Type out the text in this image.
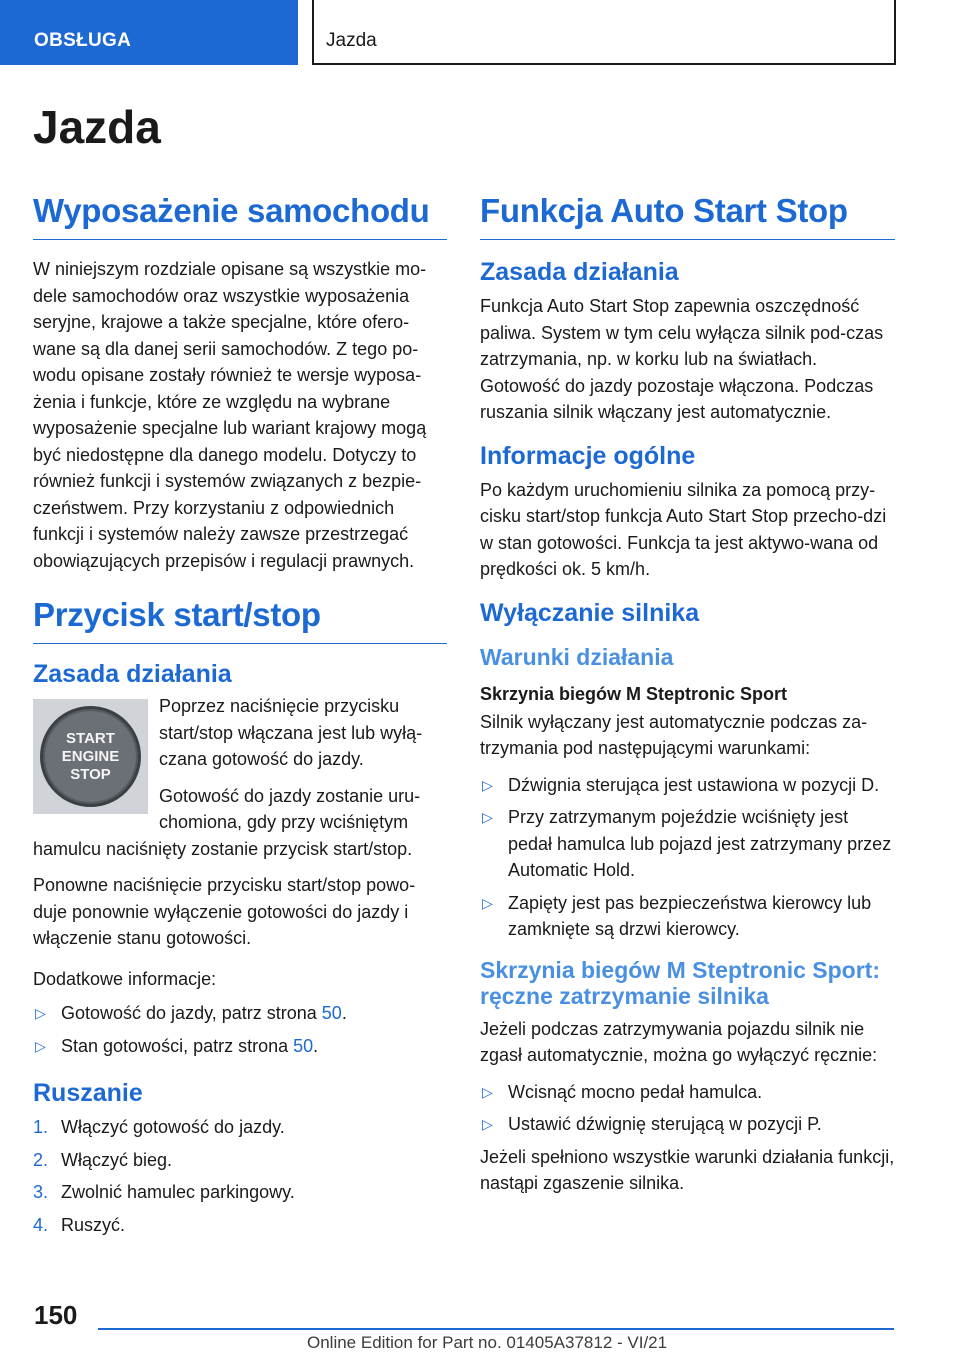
OBSŁUGA	Jazda
Jazda
Wyposażenie samochodu

W niniejszym rozdziale opisane są wszystkie mo-dele samochodów oraz wszystkie wyposażenia seryjne, krajowe a także specjalne, które ofero-wane są dla danej serii samochodów. Z tego po-wodu opisane zostały również te wersje wyposa-żenia i funkcje, które ze względu na wybrane wyposażenie specjalne lub wariant krajowy mogą być niedostępne dla danego modelu. Dotyczy to również funkcji i systemów związanych z bezpie-czeństwem. Przy korzystaniu z odpowiednich funkcji i systemów należy zawsze przestrzegać obowiązujących przepisów i regulacji prawnych.

Przycisk start/stop
Zasada działania
START
ENGINE
STOP

Poprzez naciśnięcie przycisku start/stop włączana jest lub wyłą-czana gotowość do jazdy.

Gotowość do jazdy zostanie uru-chomiona, gdy przy wciśniętym hamulcu naciśnięty zostanie przycisk start/stop.

Ponowne naciśnięcie przycisku start/stop powo-duje ponownie wyłączenie gotowości do jazdy i włączenie stanu gotowości.

Dodatkowe informacje:

▷ Gotowość do jazdy, patrz strona 50.
▷ Stan gotowości, patrz strona 50.
Ruszanie
1. Włączyć gotowość do jazdy.
2. Włączyć bieg.
3. Zwolnić hamulec parkingowy.
4. Ruszyć.
Funkcja Auto Start Stop
Zasada działania

Funkcja Auto Start Stop zapewnia oszczędność paliwa. System w tym celu wyłącza silnik pod-czas zatrzymania, np. w korku lub na światłach. Gotowość do jazdy pozostaje włączona. Podczas ruszania silnik włączany jest automatycznie.

Informacje ogólne

Po każdym uruchomieniu silnika za pomocą przy-cisku start/stop funkcja Auto Start Stop przecho-dzi w stan gotowości. Funkcja ta jest aktywo-wana od prędkości ok. 5 km/h.

Wyłączanie silnika
Warunki działania
Skrzynia biegów M Steptronic Sport

Silnik wyłączany jest automatycznie podczas za-trzymania pod następującymi warunkami:

▷ Dźwignia sterująca jest ustawiona w pozycji D.
▷ Przy zatrzymanym pojeździe wciśnięty jest pedał hamulca lub pojazd jest zatrzymany przez Automatic Hold.
▷ Zapięty jest pas bezpieczeństwa kierowcy lub zamknięte są drzwi kierowcy.
Skrzynia biegów M Steptronic Sport: ręczne zatrzymanie silnika

Jeżeli podczas zatrzymywania pojazdu silnik nie zgasł automatycznie, można go wyłączyć ręcznie:

▷ Wcisnąć mocno pedał hamulca.
▷ Ustawić dźwignię sterującą w pozycji P.

Jeżeli spełniono wszystkie warunki działania funkcji, nastąpi zgaszenie silnika.

150
Online Edition for Part no. 01405A37812 - VI/21
